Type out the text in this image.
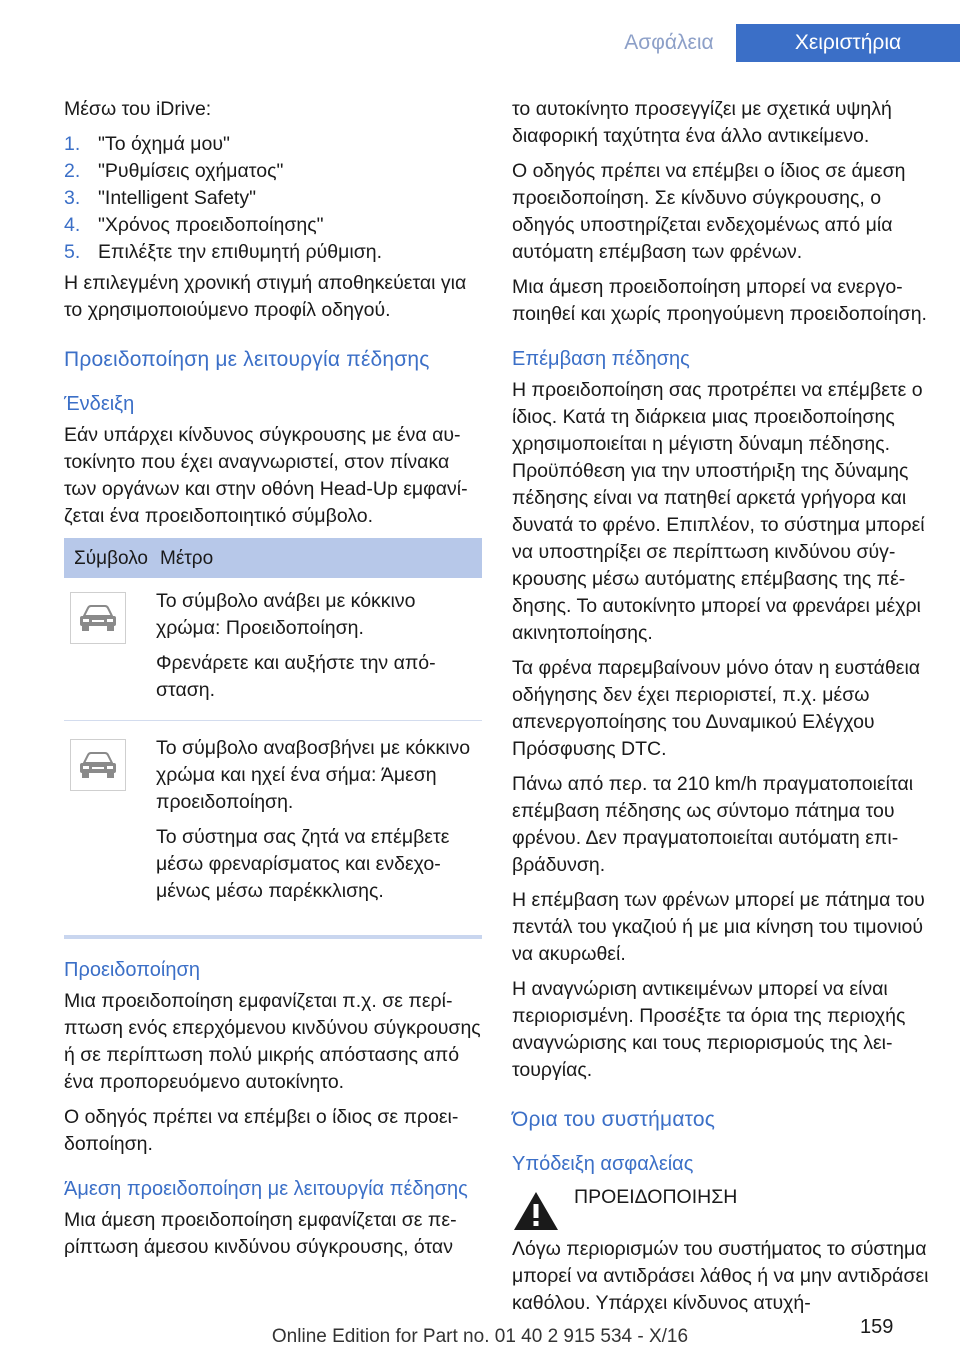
Ασφάλεια	Χειριστήρια

Μέσω του iDrive:

1. "Το όχημά μου"
2. "Ρυθμίσεις οχήματος"
3. "Intelligent Safety"
4. "Χρόνος προειδοποίησης"
5. Επιλέξτε την επιθυμητή ρύθμιση.

Η επιλεγμένη χρονική στιγμή αποθηκεύεται για το χρησιμοποιούμενο προφίλ οδηγού.

Προειδοποίηση με λειτουργία πέδησης
Ένδειξη

Εάν υπάρχει κίνδυνος σύγκρουσης με ένα αυτοκίνητο που έχει αναγνωριστεί, στον πίνακα των οργάνων και στην οθόνη Head-Up εμφανίζεται ένα προειδοποιητικό σύμβολο.

Σύμβολο Μέτρο

Το σύμβολο ανάβει με κόκκινο χρώμα: Προειδοποίηση.

Φρενάρετε και αυξήστε την απόσταση.

Το σύμβολο αναβοσβήνει με κόκκινο χρώμα και ηχεί ένα σήμα: Άμεση προειδοποίηση.

Το σύστημα σας ζητά να επέμβετε μέσω φρεναρίσματος και ενδεχομένως μέσω παρέκκλισης.

Προειδοποίηση

Μια προειδοποίηση εμφανίζεται π.χ. σε περίπτωση ενός επερχόμενου κινδύνου σύγκρουσης ή σε περίπτωση πολύ μικρής απόστασης από ένα προπορευόμενο αυτοκίνητο.

Ο οδηγός πρέπει να επέμβει ο ίδιος σε προειδοποίηση.

Άμεση προειδοποίηση με λειτουργία πέδησης

Μια άμεση προειδοποίηση εμφανίζεται σε περίπτωση άμεσου κινδύνου σύγκρουσης, όταν

το αυτοκίνητο προσεγγίζει με σχετικά υψηλή διαφορική ταχύτητα ένα άλλο αντικείμενο.

Ο οδηγός πρέπει να επέμβει ο ίδιος σε άμεση προειδοποίηση. Σε κίνδυνο σύγκρουσης, ο οδηγός υποστηρίζεται ενδεχομένως από μία αυτόματη επέμβαση των φρένων.

Μια άμεση προειδοποίηση μπορεί να ενεργοποιηθεί και χωρίς προηγούμενη προειδοποίηση.

Επέμβαση πέδησης

Η προειδοποίηση σας προτρέπει να επέμβετε ο ίδιος. Κατά τη διάρκεια μιας προειδοποίησης χρησιμοποιείται η μέγιστη δύναμη πέδησης. Προϋπόθεση για την υποστήριξη της δύναμης πέδησης είναι να πατηθεί αρκετά γρήγορα και δυνατά το φρένο. Επιπλέον, το σύστημα μπορεί να υποστηρίξει σε περίπτωση κινδύνου σύγκρουσης μέσω αυτόματης επέμβασης της πέδησης. Το αυτοκίνητο μπορεί να φρενάρει μέχρι ακινητοποίησης.

Τα φρένα παρεμβαίνουν μόνο όταν η ευστάθεια οδήγησης δεν έχει περιοριστεί, π.χ. μέσω απενεργοποίησης του Δυναμικού Ελέγχου Πρόσφυσης DTC.

Πάνω από περ. τα 210 km/h πραγματοποιείται επέμβαση πέδησης ως σύντομο πάτημα του φρένου. Δεν πραγματοποιείται αυτόματη επιβράδυνση.

Η επέμβαση των φρένων μπορεί με πάτημα του πεντάλ του γκαζιού ή με μια κίνηση του τιμονιού να ακυρωθεί.

Η αναγνώριση αντικειμένων μπορεί να είναι περιορισμένη. Προσέξτε τα όρια της περιοχής αναγνώρισης και τους περιορισμούς της λειτουργίας.

Όρια του συστήματος
Υπόδειξη ασφαλείας
ΠΡΟΕΙΔΟΠΟΙΗΣΗ

Λόγω περιορισμών του συστήματος το σύστημα μπορεί να αντιδράσει λάθος ή να μην αντιδράσει καθόλου. Υπάρχει κίνδυνος ατυχή-

159
Online Edition for Part no. 01 40 2 915 534 - X/16
